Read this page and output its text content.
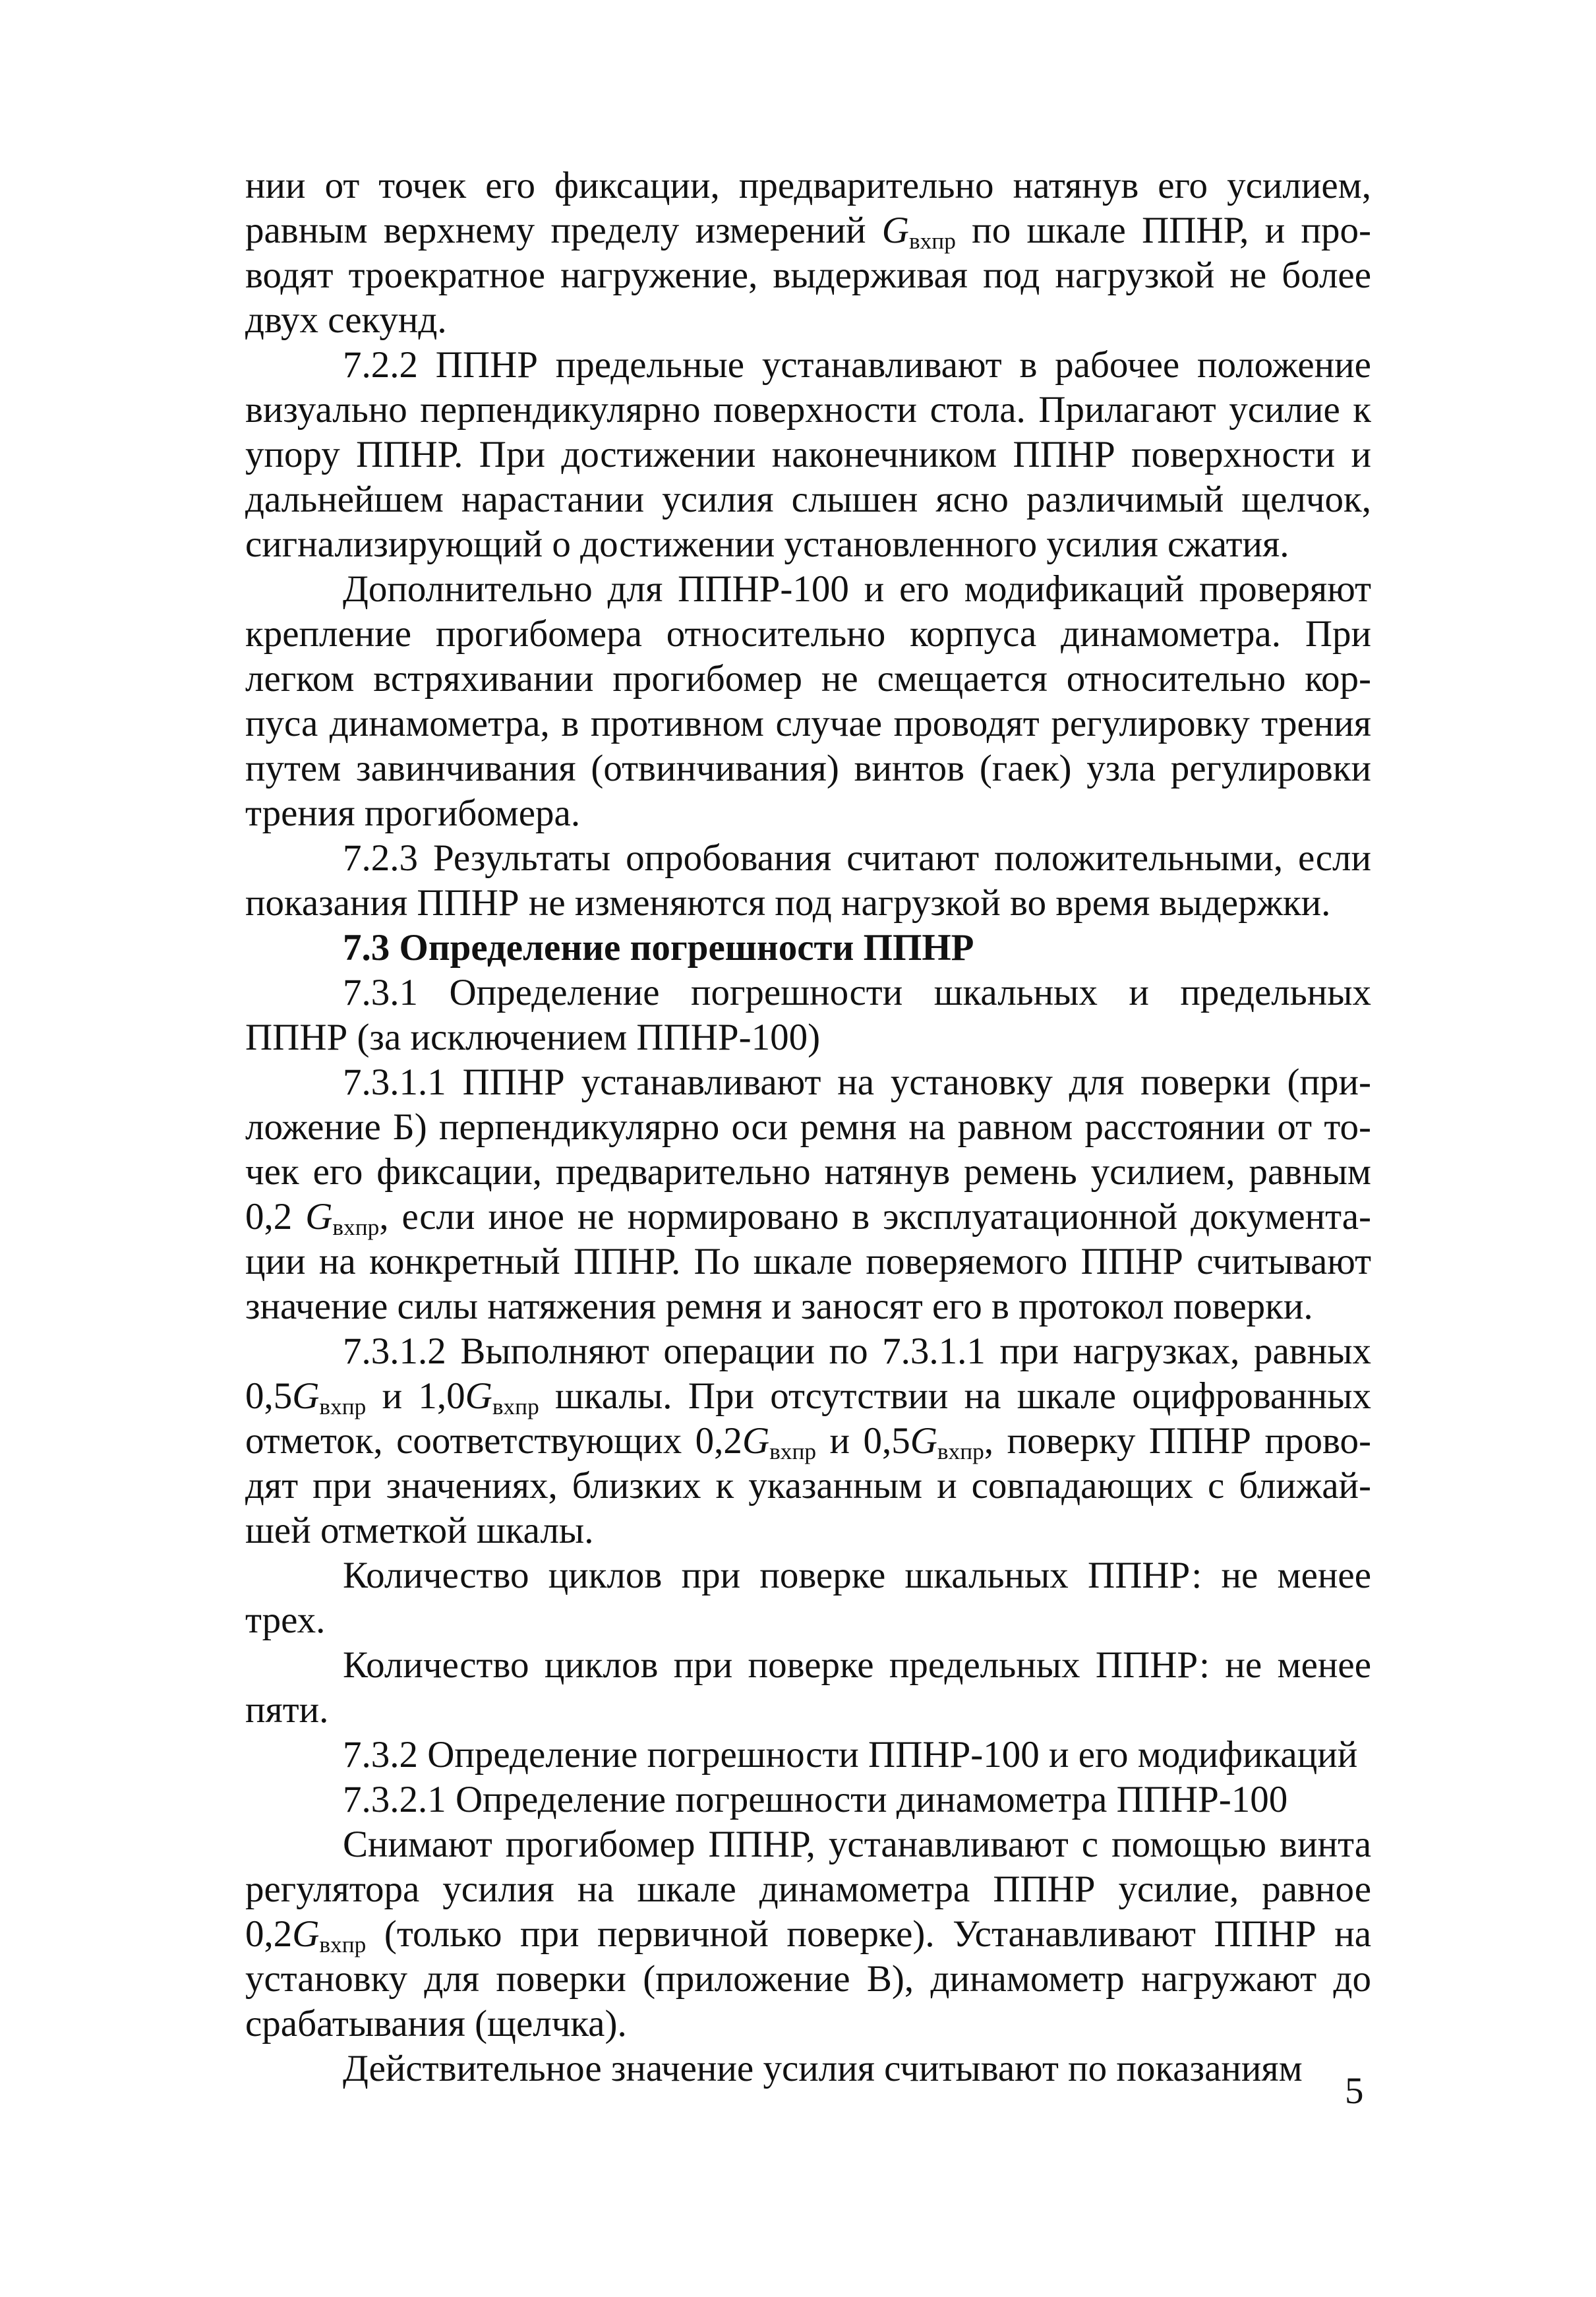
нии от точек его фиксации, предварительно натянув его усилием,
равным верхнему пределу измерений $G_{вхпр}$ по шкале ППНР, и про-
водят троекратное нагружение, выдерживая под нагрузкой не более
двух секунд.
7.2.2 ППНР предельные устанавливают в рабочее положение
визуально перпендикулярно поверхности стола. Прилагают усилие к
упору ППНР. При достижении наконечником ППНР поверхности и
дальнейшем нарастании усилия слышен ясно различимый щелчок,
сигнализирующий о достижении установленного усилия сжатия.
Дополнительно для ППНР-100 и его модификаций проверяют
крепление прогибомера относительно корпуса динамометра. При
легком встряхивании прогибомер не смещается относительно кор-
пуса динамометра, в противном случае проводят регулировку трения
путем завинчивания (отвинчивания) винтов (гаек) узла регулировки
трения прогибомера.
7.2.3 Результаты опробования считают положительными, если
показания ППНР не изменяются под нагрузкой во время выдержки.
7.3 Определение погрешности ППНР
7.3.1 Определение погрешности шкальных и предельных
ППНР (за исключением ППНР-100)
7.3.1.1 ППНР устанавливают на установку для поверки (при-
ложение Б) перпендикулярно оси ремня на равном расстоянии от то-
чек его фиксации, предварительно натянув ремень усилием, равным
0,2 $G_{вхпр}$, если иное не нормировано в эксплуатационной документа-
ции на конкретный ППНР. По шкале поверяемого ППНР считывают
значение силы натяжения ремня и заносят его в протокол поверки.
7.3.1.2 Выполняют операции по 7.3.1.1 при нагрузках, равных
$0,5G_{вхпр}$ и $1,0G_{вхпр}$ шкалы. При отсутствии на шкале оцифрованных
отметок, соответствующих $0,2G_{вхпр}$ и $0,5G_{вхпр}$, поверку ППНР прово-
дят при значениях, близких к указанным и совпадающих с ближай-
шей отметкой шкалы.
Количество циклов при поверке шкальных ППНР: не менее
трех.
Количество циклов при поверке предельных ППНР: не менее
пяти.
7.3.2 Определение погрешности ППНР-100 и его модификаций
7.3.2.1 Определение погрешности динамометра ППНР-100
Снимают прогибомер ППНР, устанавливают с помощью винта
регулятора усилия на шкале динамометра ППНР усилие, равное
$0,2G_{вхпр}$ (только при первичной поверке). Устанавливают ППНР на
установку для поверки (приложение В), динамометр нагружают до
срабатывания (щелчка).
Действительное значение усилия считывают по показаниям
5
